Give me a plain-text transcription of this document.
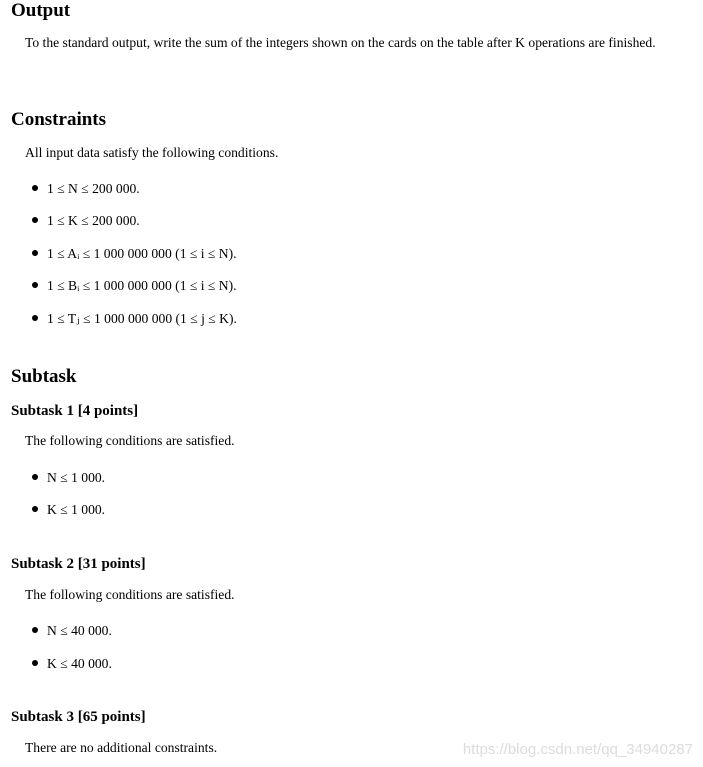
Output

To the standard output, write the sum of the integers shown on the cards on the table after K operations are finished.

Constraints

All input data satisfy the following conditions.

1 ≤ N ≤ 200 000.
1 ≤ K ≤ 200 000.
1 ≤ Aᵢ ≤ 1 000 000 000 (1 ≤ i ≤ N).
1 ≤ Bᵢ ≤ 1 000 000 000 (1 ≤ i ≤ N).
1 ≤ Tⱼ ≤ 1 000 000 000 (1 ≤ j ≤ K).
Subtask
Subtask 1 [4 points]

The following conditions are satisfied.

N ≤ 1 000.
K ≤ 1 000.
Subtask 2 [31 points]

The following conditions are satisfied.

N ≤ 40 000.
K ≤ 40 000.
Subtask 3 [65 points]

There are no additional constraints.	https://blog.csdn.net/qq_34940287
